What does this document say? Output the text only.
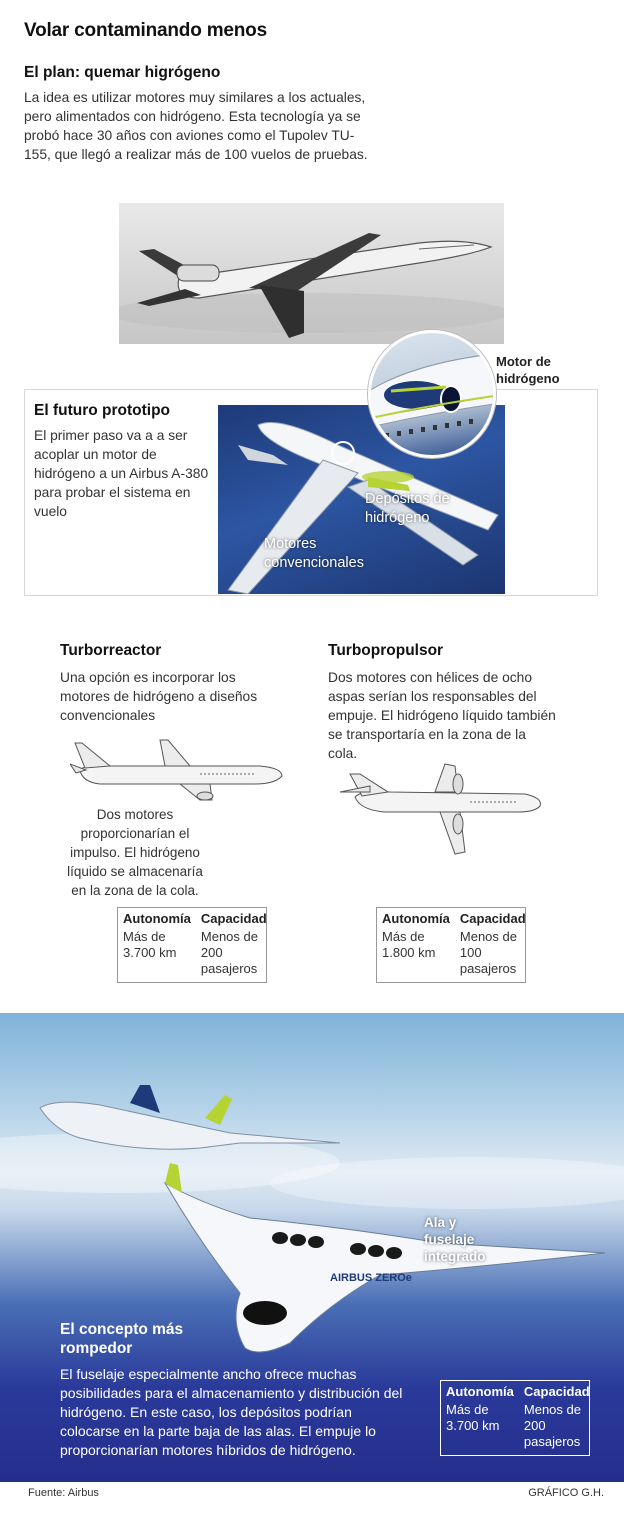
Volar contaminando menos
El plan: quemar higrógeno
La idea es utilizar motores muy similares a los actuales, pero alimentados con hidrógeno. Esta tecnología ya se probó hace 30 años con aviones como el Tupolev TU-155, que llegó a realizar más de 100 vuelos de pruebas.
El futuro prototipo
El primer paso va a a ser acoplar un motor de hidrógeno a un Airbus A-380 para probar el sistema en vuelo
Motor de hidrógeno
Depósitos de hidrógeno
Motores convencionales
Turborreactor
Una opción es incorporar los motores de hidrógeno a diseños convencionales
Dos motores proporcionarían el impulso. El hidrógeno líquido se almacenaría en la zona de la cola.
Autonomía
Más de 3.700 km
Capacidad
Menos de 200 pasajeros
Turbopropulsor
Dos motores con hélices de ocho aspas serían los responsables del empuje. El hidrógeno líquido también se transportaría en la zona de la cola.
Autonomía
Más de 1.800 km
Capacidad
Menos de 100 pasajeros
AIRBUS ZEROe
Ala y fuselaje integrado
El concepto más rompedor
El fuselaje especialmente ancho ofrece muchas posibilidades para el almacenamiento y distribución del hidrógeno. En este caso, los depósitos podrían colocarse en la parte baja de las alas. El empuje lo proporcionarían motores híbridos de hidrógeno.
Autonomía
Más de 3.700 km
Capacidad
Menos de 200 pasajeros
Fuente: Airbus	GRÁFICO G.H.
